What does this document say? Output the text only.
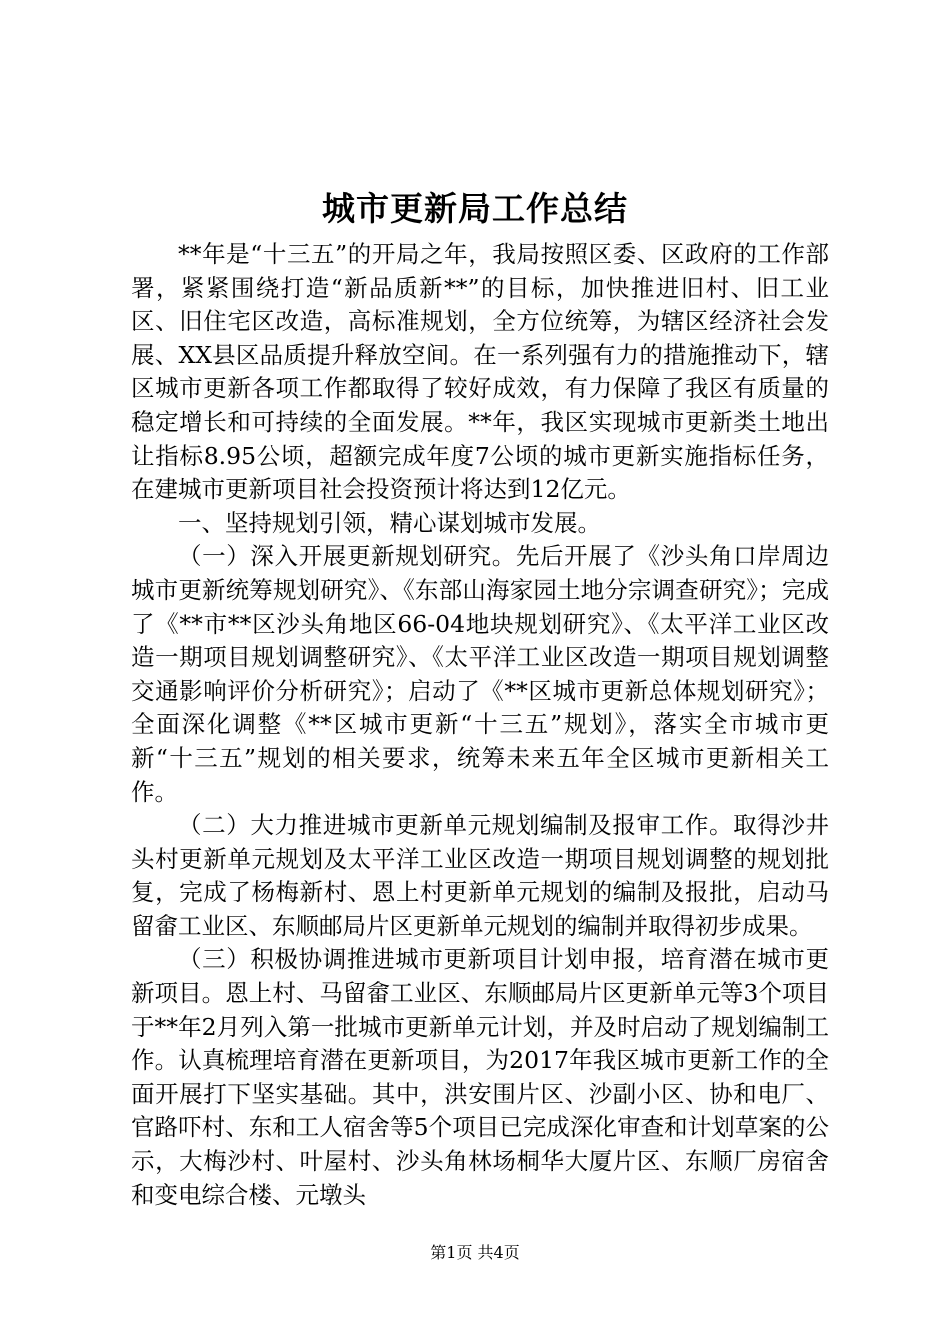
城市更新局工作总结

**年是“十三五”的开局之年，我局按照区委、区政府的工作部署，紧紧围绕打造“新品质新**”的目标，加快推进旧村、旧工业区、旧住宅区改造，高标准规划，全方位统筹，为辖区经济社会发展、XX县区品质提升释放空间。在一系列强有力的措施推动下，辖区城市更新各项工作都取得了较好成效，有力保障了我区有质量的稳定增长和可持续的全面发展。**年，我区实现城市更新类土地出让指标8.95公顷，超额完成年度7公顷的城市更新实施指标任务，在建城市更新项目社会投资预计将达到12亿元。

一、坚持规划引领，精心谋划城市发展。

（一）深入开展更新规划研究。先后开展了《沙头角口岸周边城市更新统筹规划研究》、《东部山海家园土地分宗调查研究》；完成了《**市**区沙头角地区66-04地块规划研究》、《太平洋工业区改造一期项目规划调整研究》、《太平洋工业区改造一期项目规划调整交通影响评价分析研究》；启动了《**区城市更新总体规划研究》；全面深化调整《**区城市更新“十三五”规划》，落实全市城市更新“十三五”规划的相关要求，统筹未来五年全区城市更新相关工作。

（二）大力推进城市更新单元规划编制及报审工作。取得沙井头村更新单元规划及太平洋工业区改造一期项目规划调整的规划批复，完成了杨梅新村、恩上村更新单元规划的编制及报批，启动马留畲工业区、东顺邮局片区更新单元规划的编制并取得初步成果。

（三）积极协调推进城市更新项目计划申报，培育潜在城市更新项目。恩上村、马留畲工业区、东顺邮局片区更新单元等3个项目于**年2月列入第一批城市更新单元计划，并及时启动了规划编制工作。认真梳理培育潜在更新项目，为2017年我区城市更新工作的全面开展打下坚实基础。其中，洪安围片区、沙副小区、协和电厂、官路吓村、东和工人宿舍等5个项目已完成深化审查和计划草案的公示，大梅沙村、叶屋村、沙头角林场桐华大厦片区、东顺厂房宿舍和变电综合楼、元墩头

第1页 共4页
